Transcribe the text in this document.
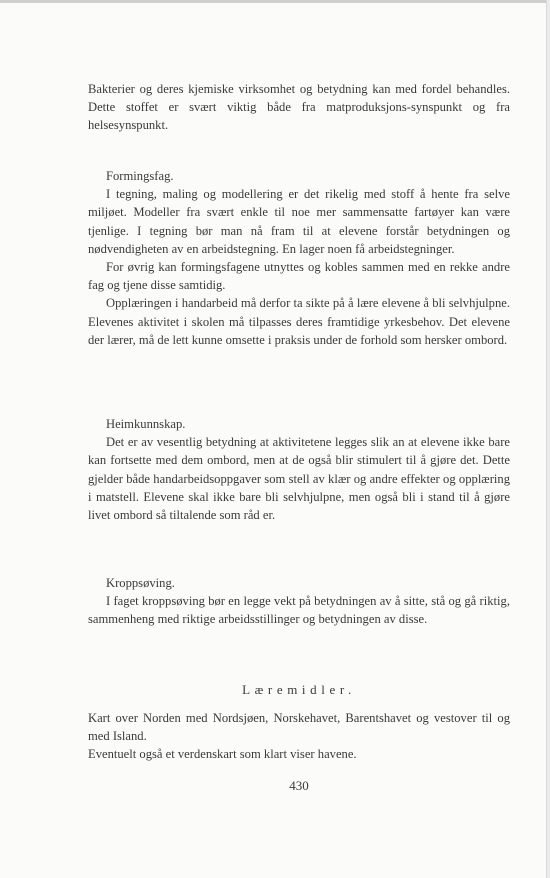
Bakterier og deres kjemiske virksomhet og betydning kan med fordel behandles. Dette stoffet er svært viktig både fra matproduksjons-synspunkt og fra helsesynspunkt.

Formingsfag.

I tegning, maling og modellering er det rikelig med stoff å hente fra selve miljøet. Modeller fra svært enkle til noe mer sammensatte fartøyer kan være tjenlige. I tegning bør man nå fram til at elevene forstår betydningen og nødvendigheten av en arbeidstegning. En lager noen få arbeidstegninger.

For øvrig kan formingsfagene utnyttes og kobles sammen med en rekke andre fag og tjene disse samtidig.

Opplæringen i handarbeid må derfor ta sikte på å lære elevene å bli selvhjulpne. Elevenes aktivitet i skolen må tilpasses deres framtidige yrkesbehov. Det elevene der lærer, må de lett kunne omsette i praksis under de forhold som hersker ombord.

Heimkunnskap.

Det er av vesentlig betydning at aktivitetene legges slik an at elevene ikke bare kan fortsette med dem ombord, men at de også blir stimulert til å gjøre det. Dette gjelder både handarbeidsoppgaver som stell av klær og andre effekter og opplæring i matstell. Elevene skal ikke bare bli selvhjulpne, men også bli i stand til å gjøre livet ombord så tiltalende som råd er.

Kroppsøving.

I faget kroppsøving bør en legge vekt på betydningen av å sitte, stå og gå riktig, sammenheng med riktige arbeidsstillinger og betydningen av disse.

Læremidler.

Kart over Norden med Nordsjøen, Norskehavet, Barentshavet og vestover til og med Island.

Eventuelt også et verdenskart som klart viser havene.

430
